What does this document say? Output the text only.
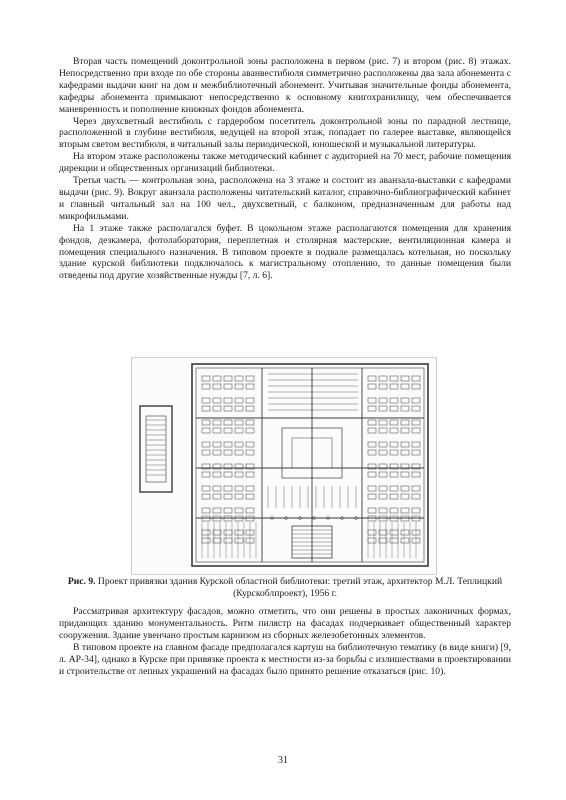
Вторая часть помещений доконтрольной зоны расположена в первом (рис. 7) и втором (рис. 8) этажах. Непосредственно при входе по обе стороны аванвестибюля симметрично расположены два зала абонемента с кафедрами выдачи книг на дом и межбиблиотечный абонемент. Учитывая значительные фонды абонемента, кафедры абонемента примыкают непосредственно к основному книгохранилищу, чем обеспечивается маневренность и пополнение книжных фондов абонемента.

Через двухсветный вестибюль с гардеробом посетитель доконтрольной зоны по парадной лестнице, расположенной в глубине вестибюля, ведущей на второй этаж, попадает по галерее выставке, являющейся вторым светом вестибюля, в читальный залы периодической, юношеской и музыкальной литературы.

На втором этаже расположены также методический кабинет с аудиторией на 70 мест, рабочие помещения дирекции и общественных организаций библиотеки.

Третья часть — контрольная зона, расположена на 3 этаже и состоит из аванзала-выставки с кафедрами выдачи (рис. 9). Вокруг аванзала расположены читательский каталог, справочно-библиографический кабинет и главный читальный зал на 100 чел., двухсветный, с балконом, предназначенным для работы над микрофильмами.

На 1 этаже также располагался буфет. В цокольном этаже располагаются помещения для хранения фондов, дезкамера, фотолаборатория, переплетная и столярная мастерские, вентиляционная камера и помещения специального назначения. В типовом проекте в подвале размещалась котельная, но поскольку здание курской библиотеки подключалось к магистральному отоплению, то данные помещения были отведены под другие хозяйственные нужды [7, л. 6].

Рис. 9. Проект привязки здания Курской областной библиотеки: третий этаж, архитектор М.Л. Теплицкий (Курскоблпроект), 1956 г.

Рассматривая архитектуру фасадов, можно отметить, что они решены в простых лаконичных формах, придающих зданию монументальность. Ритм пилястр на фасадах подчеркивает общественный характер сооружения. Здание увенчано простым карнизом из сборных железобетонных элементов.

В типовом проекте на главном фасаде предполагался картуш на библиотечную тематику (в виде книги) [9, л. АР-34], однако в Курске при привязке проекта к местности из-за борьбы с излишествами в проектировании и строительстве от лепных украшений на фасадах было принято решение отказаться (рис. 10).

31
